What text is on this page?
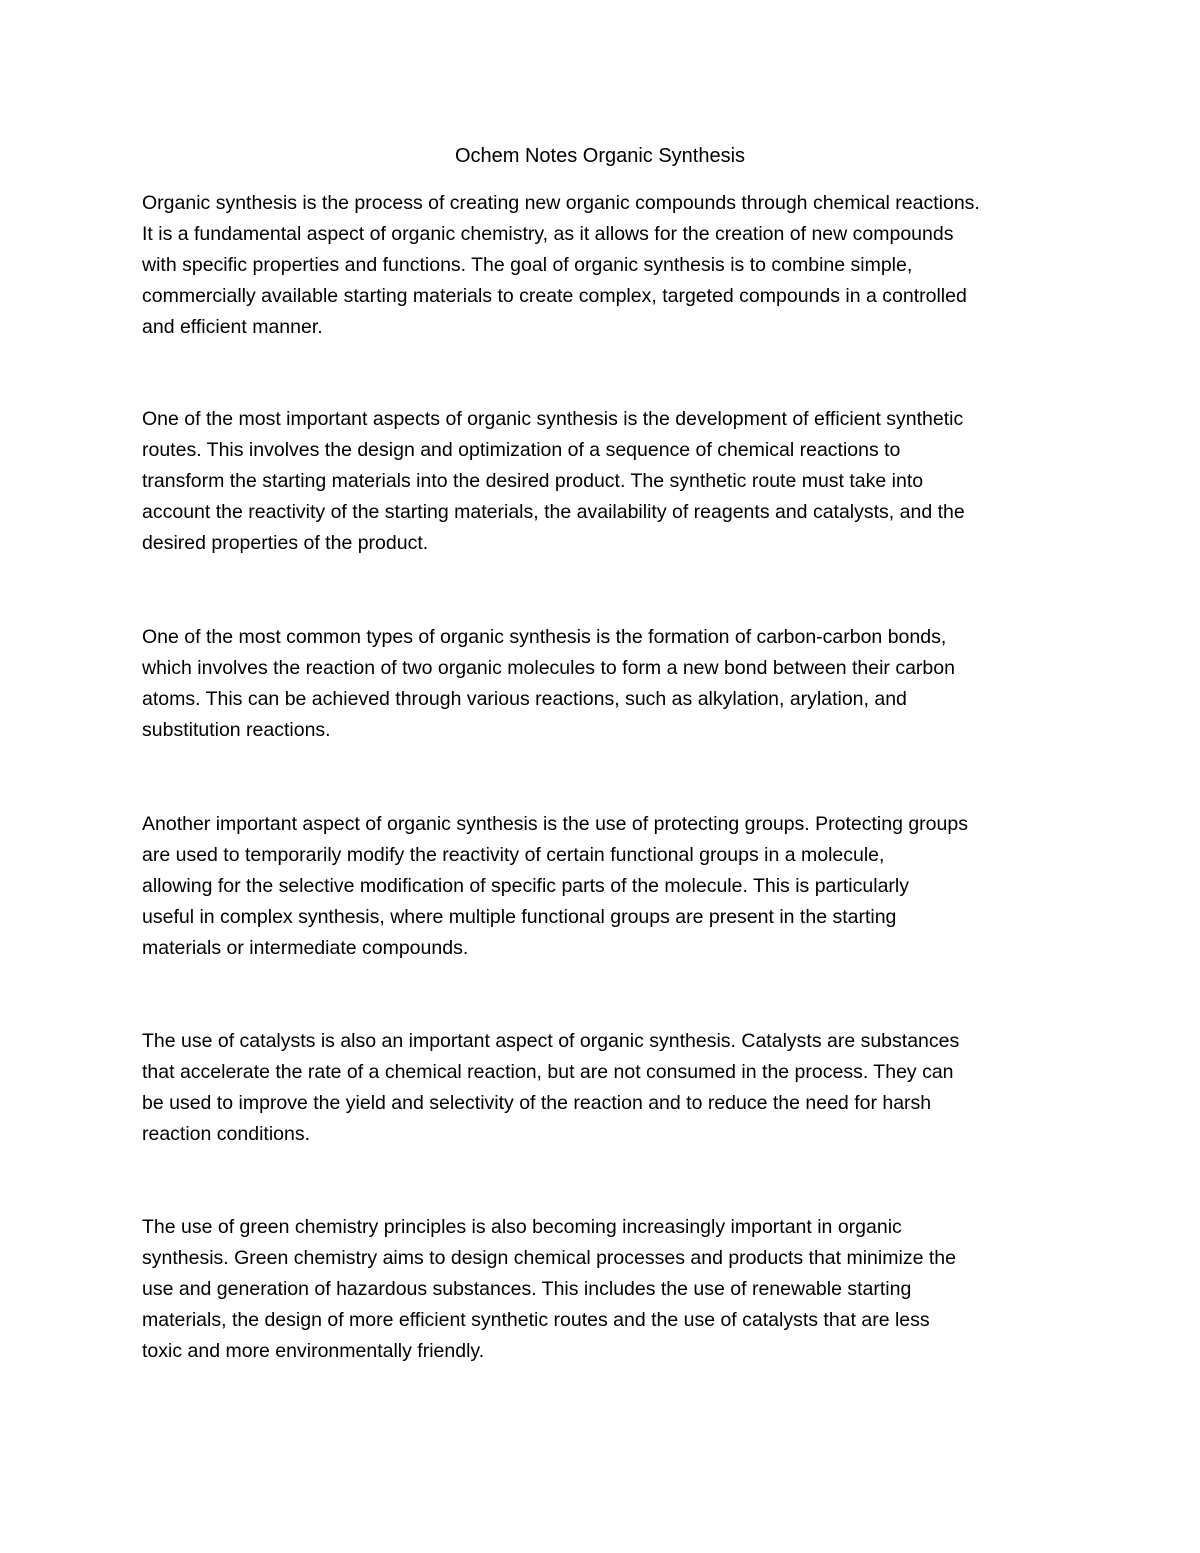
Ochem Notes Organic Synthesis

Organic synthesis is the process of creating new organic compounds through chemical reactions.
It is a fundamental aspect of organic chemistry, as it allows for the creation of new compounds
with specific properties and functions. The goal of organic synthesis is to combine simple,
commercially available starting materials to create complex, targeted compounds in a controlled
and efficient manner.

One of the most important aspects of organic synthesis is the development of efficient synthetic
routes. This involves the design and optimization of a sequence of chemical reactions to
transform the starting materials into the desired product. The synthetic route must take into
account the reactivity of the starting materials, the availability of reagents and catalysts, and the
desired properties of the product.

One of the most common types of organic synthesis is the formation of carbon-carbon bonds,
which involves the reaction of two organic molecules to form a new bond between their carbon
atoms. This can be achieved through various reactions, such as alkylation, arylation, and
substitution reactions.

Another important aspect of organic synthesis is the use of protecting groups. Protecting groups
are used to temporarily modify the reactivity of certain functional groups in a molecule,
allowing for the selective modification of specific parts of the molecule. This is particularly
useful in complex synthesis, where multiple functional groups are present in the starting
materials or intermediate compounds.

The use of catalysts is also an important aspect of organic synthesis. Catalysts are substances
that accelerate the rate of a chemical reaction, but are not consumed in the process. They can
be used to improve the yield and selectivity of the reaction and to reduce the need for harsh
reaction conditions.

The use of green chemistry principles is also becoming increasingly important in organic
synthesis. Green chemistry aims to design chemical processes and products that minimize the
use and generation of hazardous substances. This includes the use of renewable starting
materials, the design of more efficient synthetic routes and the use of catalysts that are less
toxic and more environmentally friendly.
